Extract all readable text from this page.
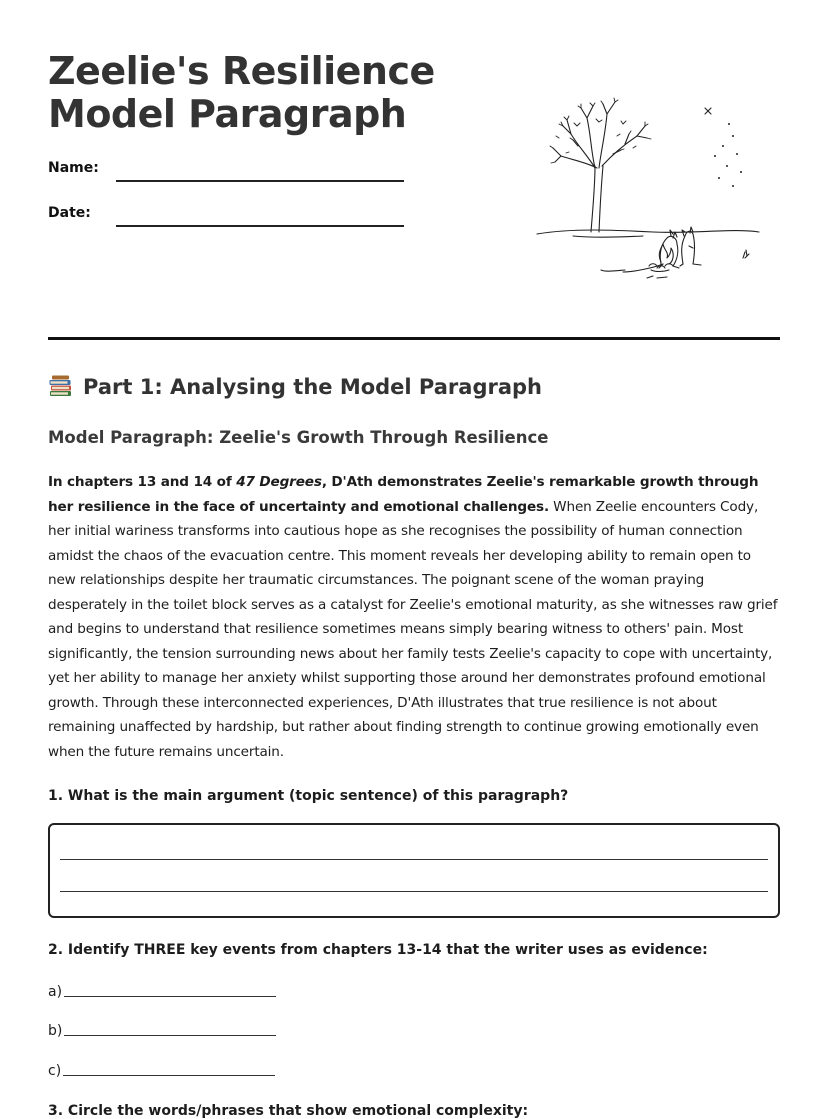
Zeelie's Resilience
Model Paragraph
Name:
Date:
Part 1: Analysing the Model Paragraph
Model Paragraph: Zeelie's Growth Through Resilience

In chapters 13 and 14 of 47 Degrees, D'Ath demonstrates Zeelie's remarkable growth through her resilience in the face of uncertainty and emotional challenges. When Zeelie encounters Cody, her initial wariness transforms into cautious hope as she recognises the possibility of human connection amidst the chaos of the evacuation centre. This moment reveals her developing ability to remain open to new relationships despite her traumatic circumstances. The poignant scene of the woman praying desperately in the toilet block serves as a catalyst for Zeelie's emotional maturity, as she witnesses raw grief and begins to understand that resilience sometimes means simply bearing witness to others' pain. Most significantly, the tension surrounding news about her family tests Zeelie's capacity to cope with uncertainty, yet her ability to manage her anxiety whilst supporting those around her demonstrates profound emotional growth. Through these interconnected experiences, D'Ath illustrates that true resilience is not about remaining unaffected by hardship, but rather about finding strength to continue growing emotionally even when the future remains uncertain.

1. What is the main argument (topic sentence) of this paragraph?

2. Identify THREE key events from chapters 13-14 that the writer uses as evidence:

a)
b)
c)

3. Circle the words/phrases that show emotional complexity:
